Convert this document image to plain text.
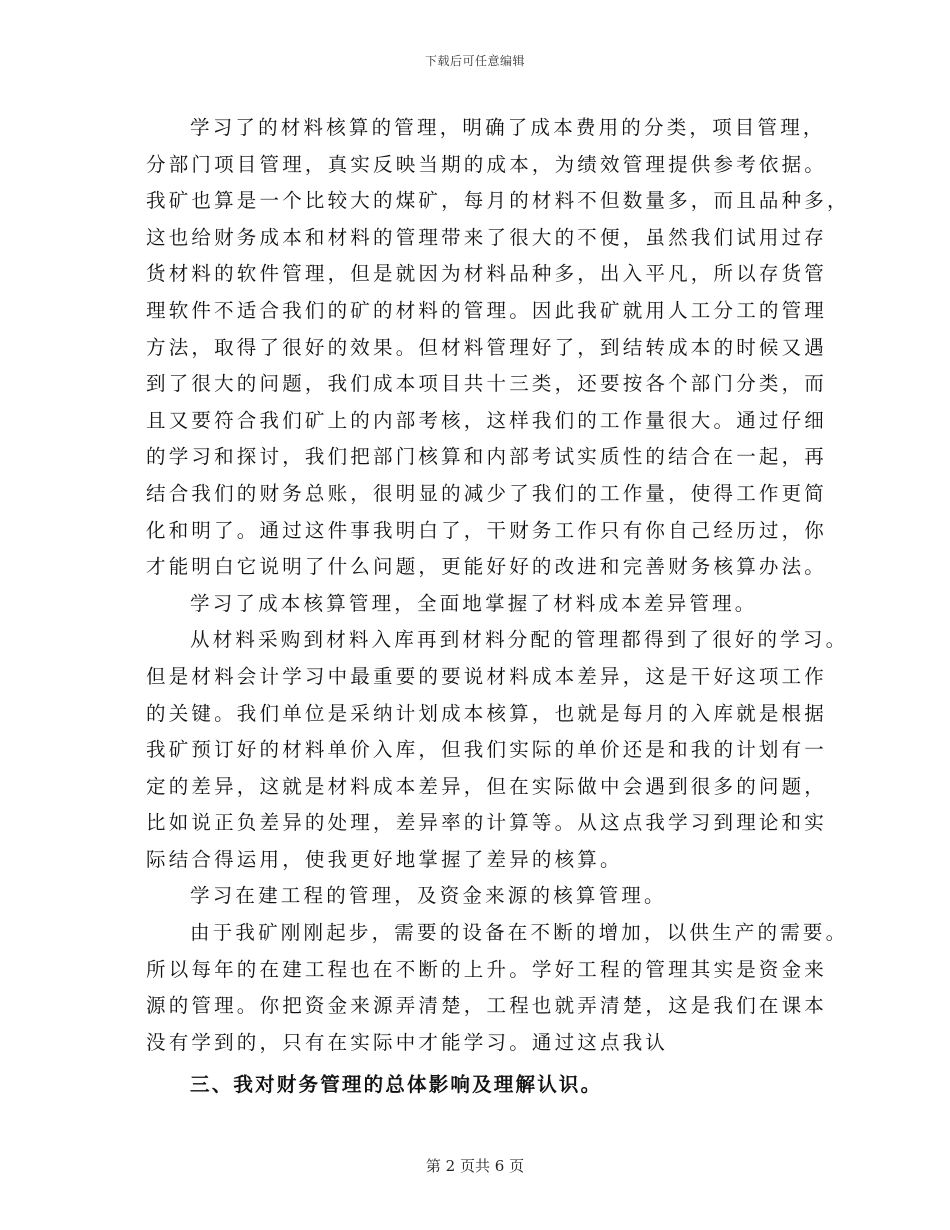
下载后可任意编辑
学习了的材料核算的管理，明确了成本费用的分类，项目管理，
分部门项目管理，真实反映当期的成本，为绩效管理提供参考依据。
我矿也算是一个比较大的煤矿，每月的材料不但数量多，而且品种多，
这也给财务成本和材料的管理带来了很大的不便，虽然我们试用过存
货材料的软件管理，但是就因为材料品种多，出入平凡，所以存货管
理软件不适合我们的矿的材料的管理。因此我矿就用人工分工的管理
方法，取得了很好的效果。但材料管理好了，到结转成本的时候又遇
到了很大的问题，我们成本项目共十三类，还要按各个部门分类，而
且又要符合我们矿上的内部考核，这样我们的工作量很大。通过仔细
的学习和探讨，我们把部门核算和内部考试实质性的结合在一起，再
结合我们的财务总账，很明显的减少了我们的工作量，使得工作更简
化和明了。通过这件事我明白了，干财务工作只有你自己经历过，你
才能明白它说明了什么问题，更能好好的改进和完善财务核算办法。
学习了成本核算管理，全面地掌握了材料成本差异管理。
从材料采购到材料入库再到材料分配的管理都得到了很好的学习。
但是材料会计学习中最重要的要说材料成本差异，这是干好这项工作
的关键。我们单位是采纳计划成本核算，也就是每月的入库就是根据
我矿预订好的材料单价入库，但我们实际的单价还是和我的计划有一
定的差异，这就是材料成本差异，但在实际做中会遇到很多的问题，
比如说正负差异的处理，差异率的计算等。从这点我学习到理论和实
际结合得运用，使我更好地掌握了差异的核算。
学习在建工程的管理，及资金来源的核算管理。
由于我矿刚刚起步，需要的设备在不断的增加，以供生产的需要。
所以每年的在建工程也在不断的上升。学好工程的管理其实是资金来
源的管理。你把资金来源弄清楚，工程也就弄清楚，这是我们在课本
没有学到的，只有在实际中才能学习。通过这点我认
三、我对财务管理的总体影响及理解认识。
第 2 页共 6 页
